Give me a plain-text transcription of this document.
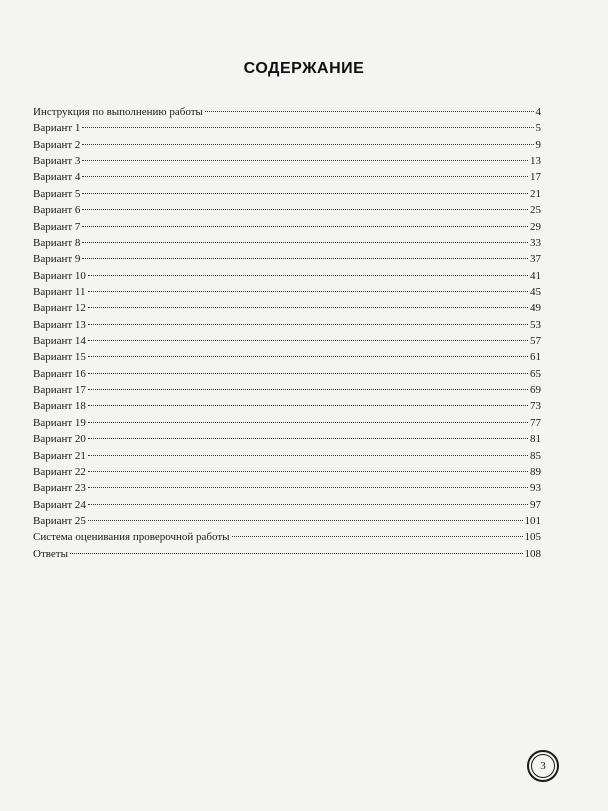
СОДЕРЖАНИЕ
Инструкция по выполнению работы	4
Вариант 1	5
Вариант 2	9
Вариант 3	13
Вариант 4	17
Вариант 5	21
Вариант 6	25
Вариант 7	29
Вариант 8	33
Вариант 9	37
Вариант 10	41
Вариант 11	45
Вариант 12	49
Вариант 13	53
Вариант 14	57
Вариант 15	61
Вариант 16	65
Вариант 17	69
Вариант 18	73
Вариант 19	77
Вариант 20	81
Вариант 21	85
Вариант 22	89
Вариант 23	93
Вариант 24	97
Вариант 25	101
Система оценивания проверочной работы	105
Ответы	108
3
